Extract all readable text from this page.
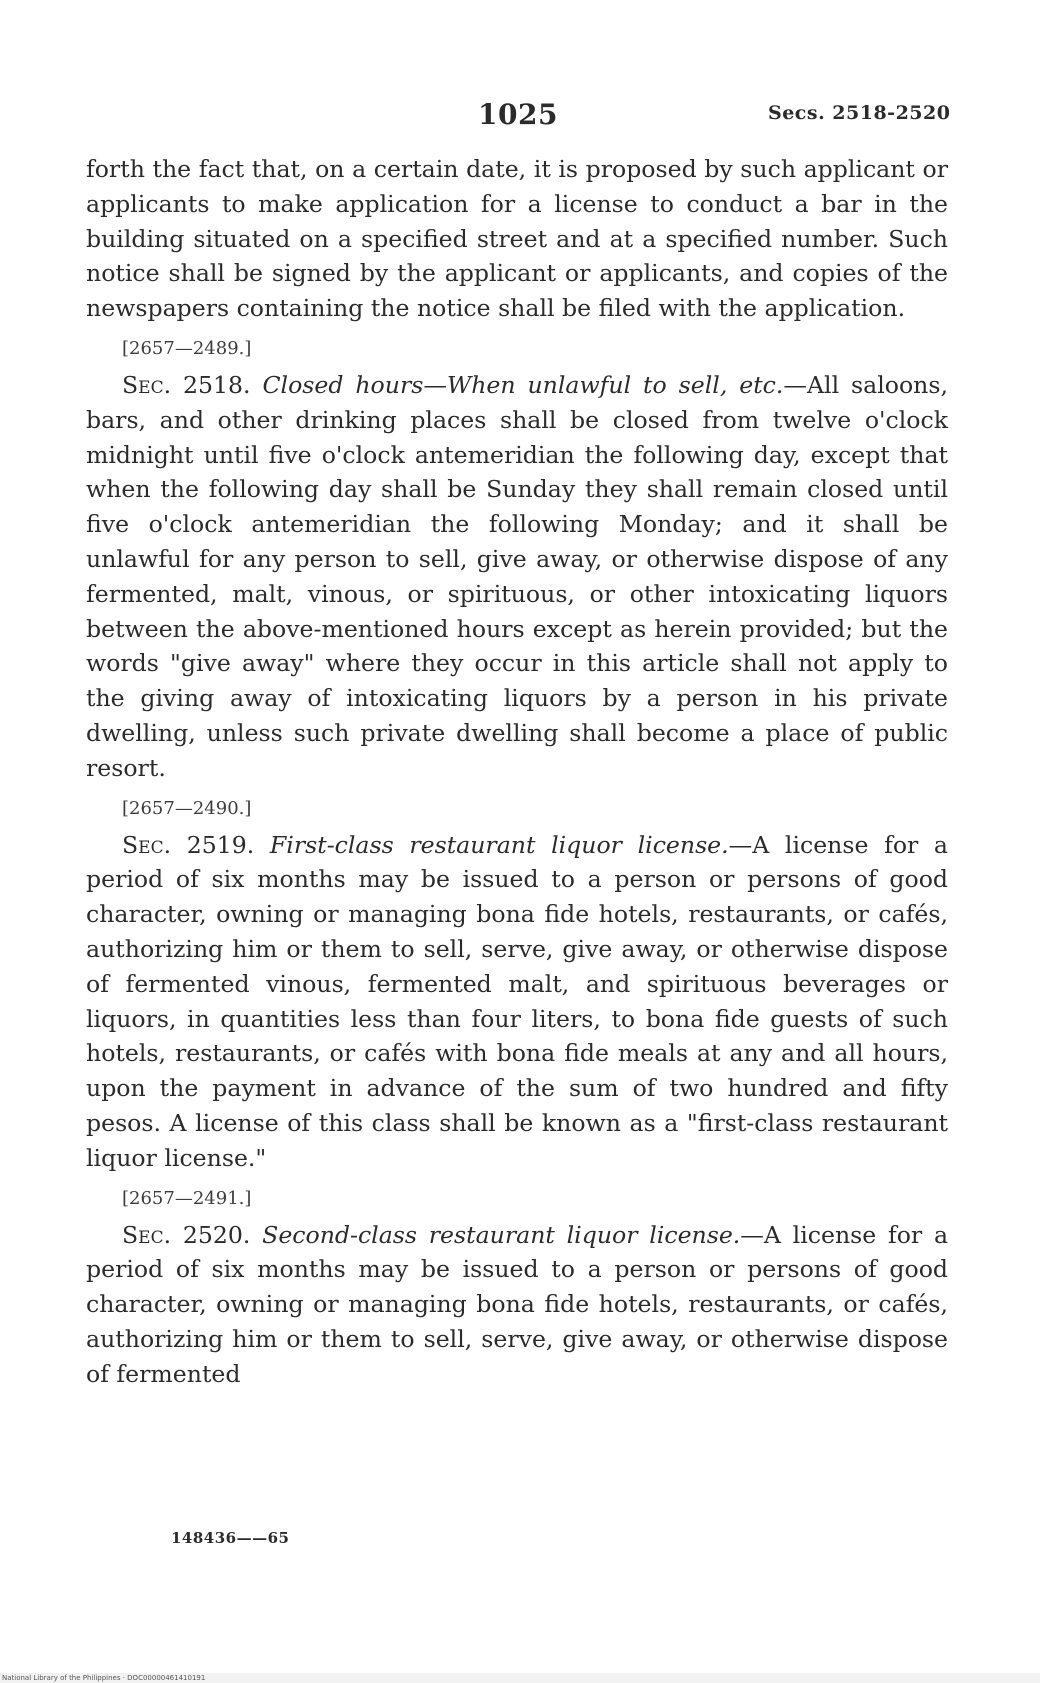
1025	Secs. 2518-2520

forth the fact that, on a certain date, it is proposed by such applicant or applicants to make application for a license to conduct a bar in the building situated on a specified street and at a specified number. Such notice shall be signed by the applicant or applicants, and copies of the newspapers containing the notice shall be filed with the application.

[2657—2489.]

Sec. 2518. Closed hours—When unlawful to sell, etc.—All saloons, bars, and other drinking places shall be closed from twelve o'clock midnight until five o'clock antemeridian the following day, except that when the following day shall be Sunday they shall remain closed until five o'clock antemeridian the following Monday; and it shall be unlawful for any person to sell, give away, or otherwise dispose of any fermented, malt, vinous, or spirituous, or other intoxicating liquors between the above-mentioned hours except as herein provided; but the words "give away" where they occur in this article shall not apply to the giving away of intoxicating liquors by a person in his private dwelling, unless such private dwelling shall become a place of public resort.

[2657—2490.]

Sec. 2519. First-class restaurant liquor license.—A license for a period of six months may be issued to a person or persons of good character, owning or managing bona fide hotels, restaurants, or cafés, authorizing him or them to sell, serve, give away, or otherwise dispose of fermented vinous, fermented malt, and spirituous beverages or liquors, in quantities less than four liters, to bona fide guests of such hotels, restaurants, or cafés with bona fide meals at any and all hours, upon the payment in advance of the sum of two hundred and fifty pesos. A license of this class shall be known as a "first-class restaurant liquor license."

[2657—2491.]

Sec. 2520. Second-class restaurant liquor license.—A license for a period of six months may be issued to a person or persons of good character, owning or managing bona fide hotels, restaurants, or cafés, authorizing him or them to sell, serve, give away, or otherwise dispose of fermented

148436——65
National Library of the Philippines · DOC00000461410191
